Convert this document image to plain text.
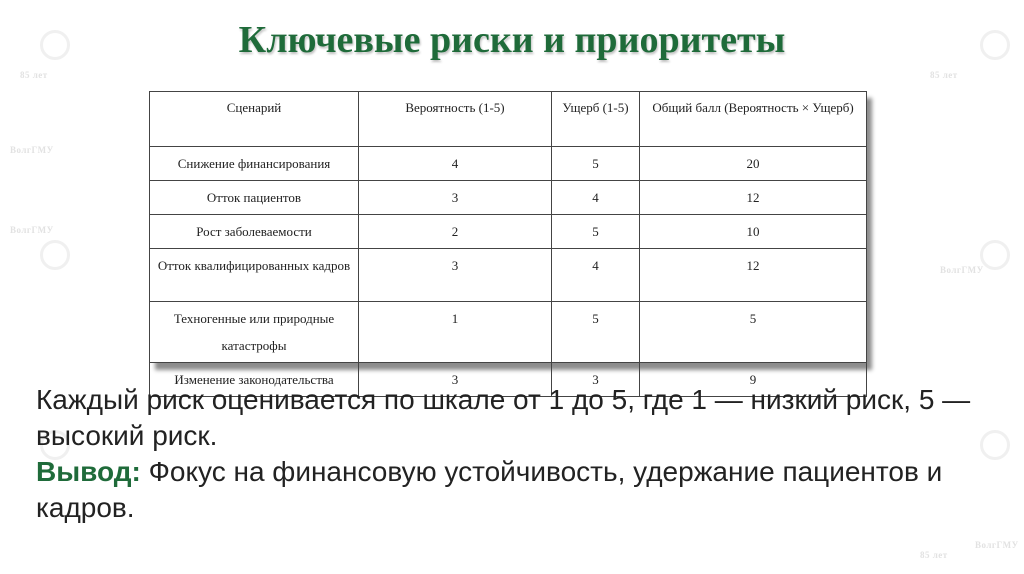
ВолгГМУ
85 лет
ВолгГМУ
85 лет
ВолгГМУ
ВолгГМУ
85 лет
Ключевые риски и приоритеты
Сценарий	Вероятность (1-5)	Ущерб (1-5)	Общий балл (Вероятность × Ущерб)
Снижение финансирования	4	5	20
Отток пациентов	3	4	12
Рост заболеваемости	2	5	10
Отток квалифицированных кадров	3	4	12
Техногенные или природные катастрофы	1	5	5
Изменение законодательства	3	3	9

Каждый риск оценивается по шкале от 1 до 5, где 1 — низкий риск, 5 — высокий риск.

Вывод: Фокус на финансовую устойчивость, удержание пациентов и кадров.
